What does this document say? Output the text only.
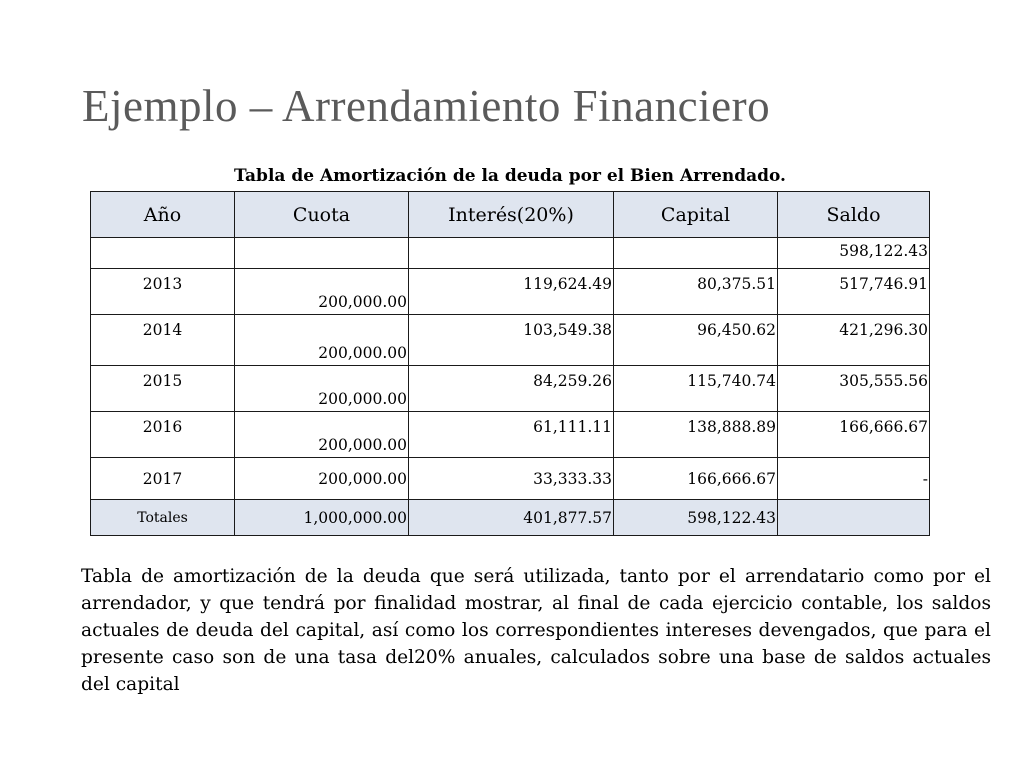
Ejemplo – Arrendamiento Financiero
Tabla de Amortización de la deuda por el Bien Arrendado.
Año	Cuota	Interés(20%)	Capital	Saldo
				598,122.43
2013	200,000.00	119,624.49	80,375.51	517,746.91
2014	200,000.00	103,549.38	96,450.62	421,296.30
2015	200,000.00	84,259.26	115,740.74	305,555.56
2016	200,000.00	61,111.11	138,888.89	166,666.67
2017	200,000.00	33,333.33	166,666.67	-
Totales	1,000,000.00	401,877.57	598,122.43	

Tabla de amortización de la deuda que será utilizada, tanto por el arrendatario como por el arrendador, y que tendrá por finalidad mostrar, al final de cada ejercicio contable, los saldos actuales de deuda del capital, así como los correspondientes intereses devengados, que para el presente caso son de una tasa del20% anuales, calculados sobre una base de saldos actuales del capital
